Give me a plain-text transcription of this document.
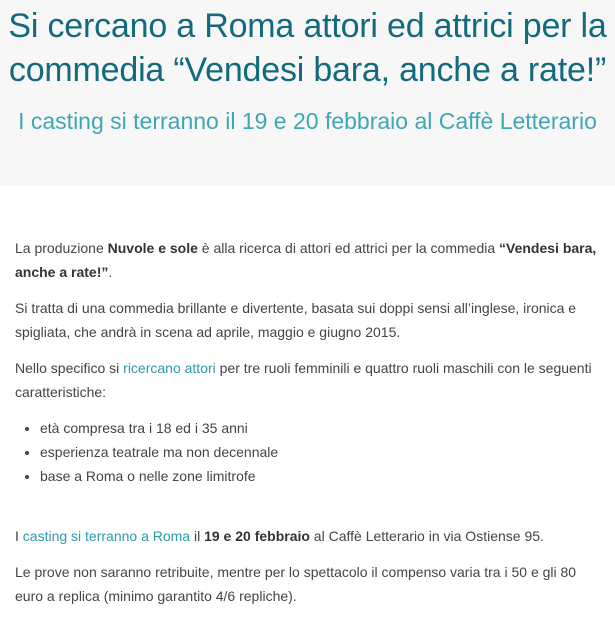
Si cercano a Roma attori ed attrici per la commedia “Vendesi bara, anche a rate!”
I casting si terranno il 19 e 20 febbraio al Caffè Letterario

La produzione Nuvole e sole è alla ricerca di attori ed attrici per la commedia “Vendesi bara, anche a rate!”.

Si tratta di una commedia brillante e divertente, basata sui doppi sensi all’inglese, ironica e spigliata, che andrà in scena ad aprile, maggio e giugno 2015.

Nello specifico si ricercano attori per tre ruoli femminili e quattro ruoli maschili con le seguenti caratteristiche:

• età compresa tra i 18 ed i 35 anni
• esperienza teatrale ma non decennale
• base a Roma o nelle zone limitrofe

I casting si terranno a Roma il 19 e 20 febbraio al Caffè Letterario in via Ostiense 95.

Le prove non saranno retribuite, mentre per lo spettacolo il compenso varia tra i 50 e gli 80 euro a replica (minimo garantito 4/6 repliche).
